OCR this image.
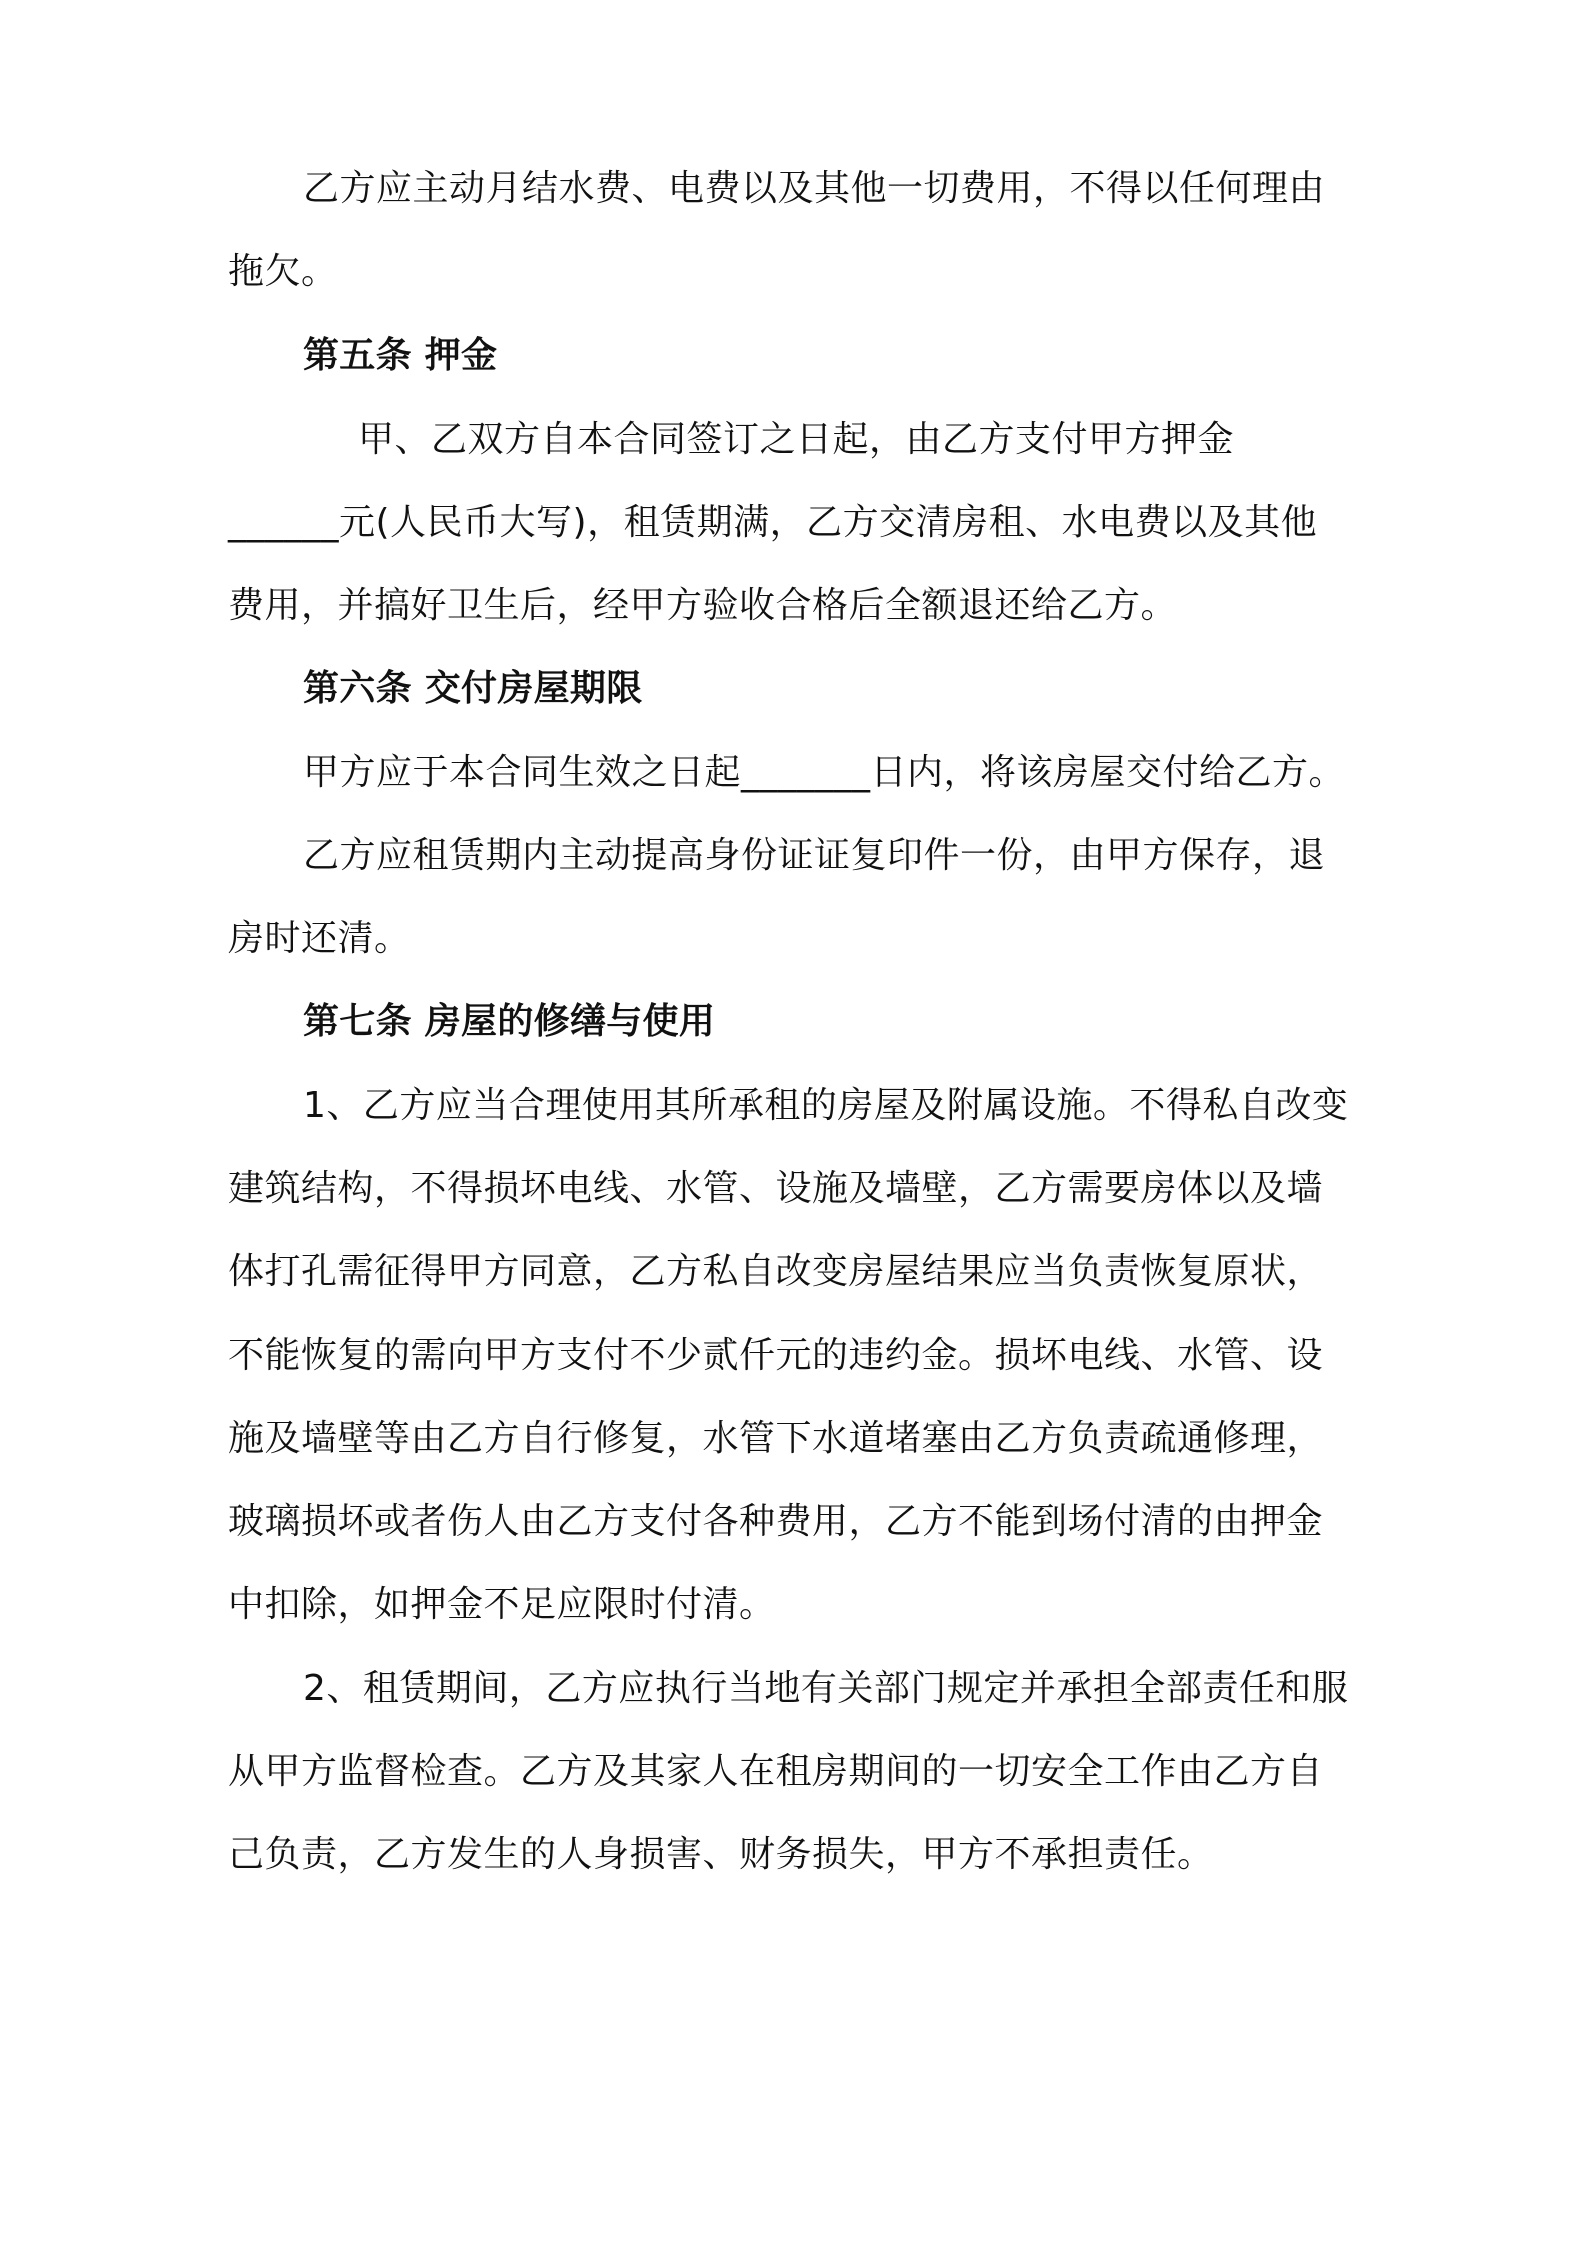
乙方应主动月结水费、电费以及其他一切费用，不得以任何理由
拖欠。
第五条 押金
甲、乙双方自本合同签订之日起，由乙方支付甲方押金
______元(人民币大写)，租赁期满，乙方交清房租、水电费以及其他
费用，并搞好卫生后，经甲方验收合格后全额退还给乙方。
第六条 交付房屋期限
甲方应于本合同生效之日起_______日内，将该房屋交付给乙方。
乙方应租赁期内主动提高身份证证复印件一份，由甲方保存，退
房时还清。
第七条 房屋的修缮与使用
1、乙方应当合理使用其所承租的房屋及附属设施。不得私自改变
建筑结构，不得损坏电线、水管、设施及墙壁，乙方需要房体以及墙
体打孔需征得甲方同意，乙方私自改变房屋结果应当负责恢复原状，
不能恢复的需向甲方支付不少贰仟元的违约金。损坏电线、水管、设
施及墙壁等由乙方自行修复，水管下水道堵塞由乙方负责疏通修理，
玻璃损坏或者伤人由乙方支付各种费用，乙方不能到场付清的由押金
中扣除，如押金不足应限时付清。
2、租赁期间，乙方应执行当地有关部门规定并承担全部责任和服
从甲方监督检查。乙方及其家人在租房期间的一切安全工作由乙方自
己负责，乙方发生的人身损害、财务损失，甲方不承担责任。
